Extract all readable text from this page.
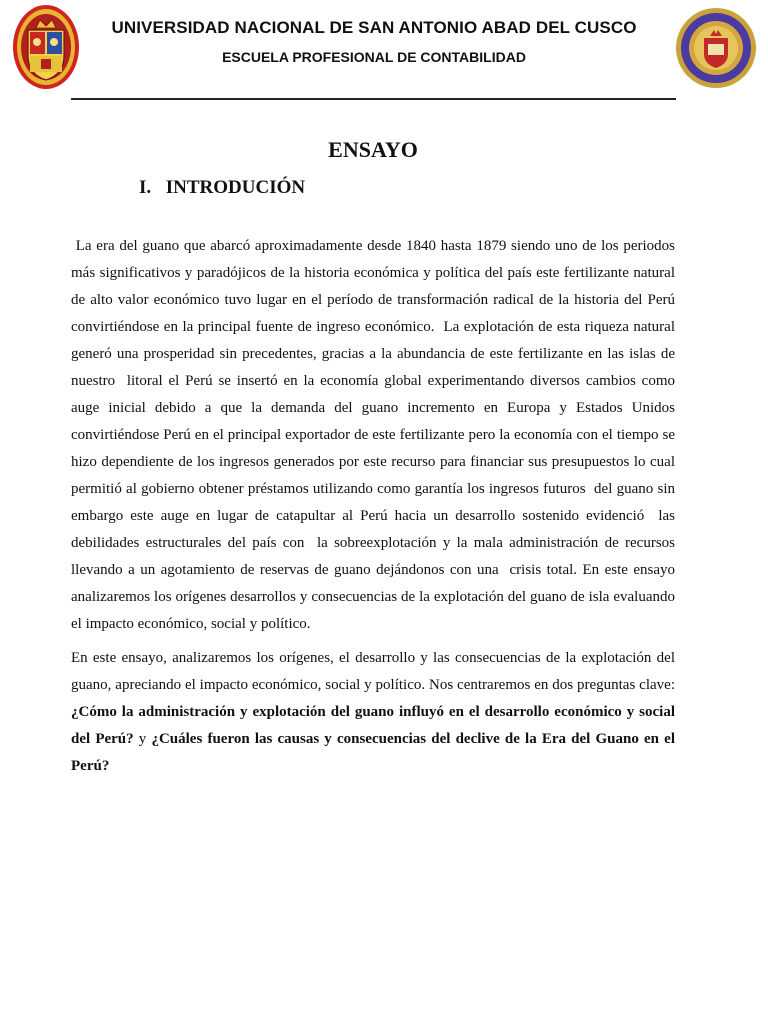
UNIVERSIDAD NACIONAL DE SAN ANTONIO ABAD DEL CUSCO
ESCUELA PROFESIONAL DE CONTABILIDAD
ENSAYO
I. INTRODUCIÓN

La era del guano que abarcó aproximadamente desde 1840 hasta 1879 siendo uno de los periodos más significativos y paradójicos de la historia económica y política del país este fertilizante natural de alto valor económico tuvo lugar en el período de transformación radical de la historia del Perú convirtiéndose en la principal fuente de ingreso económico.  La explotación de esta riqueza natural generó una prosperidad sin precedentes, gracias a la abundancia de este fertilizante en las islas de nuestro  litoral el Perú se insertó en la economía global experimentando diversos cambios como auge inicial debido a que la demanda del guano incremento en Europa y Estados Unidos convirtiéndose Perú en el principal exportador de este fertilizante pero la economía con el tiempo se hizo dependiente de los ingresos generados por este recurso para financiar sus presupuestos lo cual permitió al gobierno obtener préstamos utilizando como garantía los ingresos futuros  del guano sin embargo este auge en lugar de catapultar al Perú hacia un desarrollo sostenido evidenció  las debilidades estructurales del país con  la sobreexplotación y la mala administración de recursos llevando a un agotamiento de reservas de guano dejándonos con una  crisis total. En este ensayo analizaremos los orígenes desarrollos y consecuencias de la explotación del guano de isla evaluando el impacto económico, social y político.

En este ensayo, analizaremos los orígenes, el desarrollo y las consecuencias de la explotación del guano, apreciando el impacto económico, social y político. Nos centraremos en dos preguntas clave: ¿Cómo la administración y explotación del guano influyó en el desarrollo económico y social del Perú? y ¿Cuáles fueron las causas y consecuencias del declive de la Era del Guano en el Perú?
